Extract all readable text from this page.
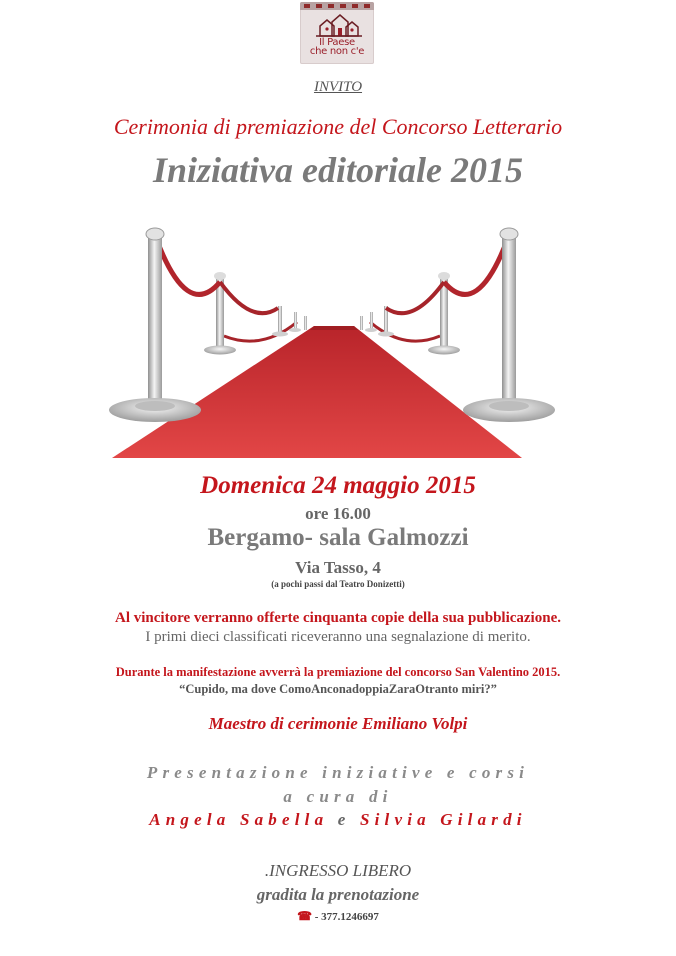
Il Paese
che non c'e
INVITO
Cerimonia di premiazione del Concorso Letterario
Iniziativa editoriale 2015
Domenica 24 maggio 2015
ore 16.00
Bergamo- sala Galmozzi
Via Tasso, 4
(a pochi passi dal Teatro Donizetti)
Al vincitore verranno offerte cinquanta copie della sua pubblicazione.
I primi dieci classificati riceveranno una segnalazione di merito.
Durante la manifestazione avverrà la premiazione del concorso San Valentino 2015.
“Cupido, ma dove ComoAnconadoppiaZaraOtranto miri?”
Maestro di cerimonie Emiliano Volpi
Presentazione iniziative e corsi
a cura di
Angela Sabella e Silvia Gilardi
.INGRESSO LIBERO
gradita la prenotazione
☎ - 377.1246697
